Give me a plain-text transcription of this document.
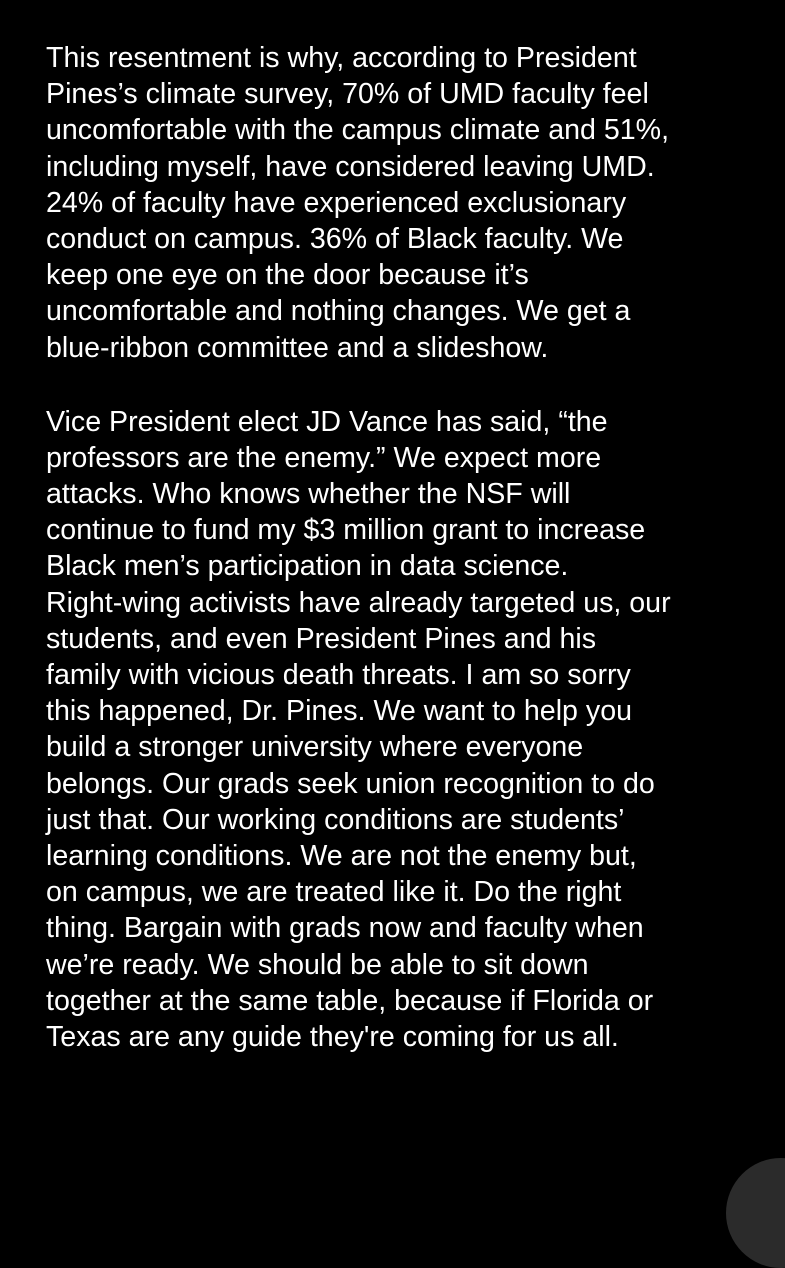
This resentment is why, according to President
Pines’s climate survey, 70% of UMD faculty feel
uncomfortable with the campus climate and 51%,
including myself, have considered leaving UMD.
24% of faculty have experienced exclusionary
conduct on campus. 36% of Black faculty. We
keep one eye on the door because it’s
uncomfortable and nothing changes. We get a
blue-ribbon committee and a slideshow.
Vice President elect JD Vance has said, “the
professors are the enemy.” We expect more
attacks. Who knows whether the NSF will
continue to fund my $3 million grant to increase
Black men’s participation in data science.
Right-wing activists have already targeted us, our
students, and even President Pines and his
family with vicious death threats. I am so sorry
this happened, Dr. Pines. We want to help you
build a stronger university where everyone
belongs. Our grads seek union recognition to do
just that. Our working conditions are students’
learning conditions. We are not the enemy but,
on campus, we are treated like it. Do the right
thing. Bargain with grads now and faculty when
we’re ready. We should be able to sit down
together at the same table, because if Florida or
Texas are any guide they're coming for us all.
